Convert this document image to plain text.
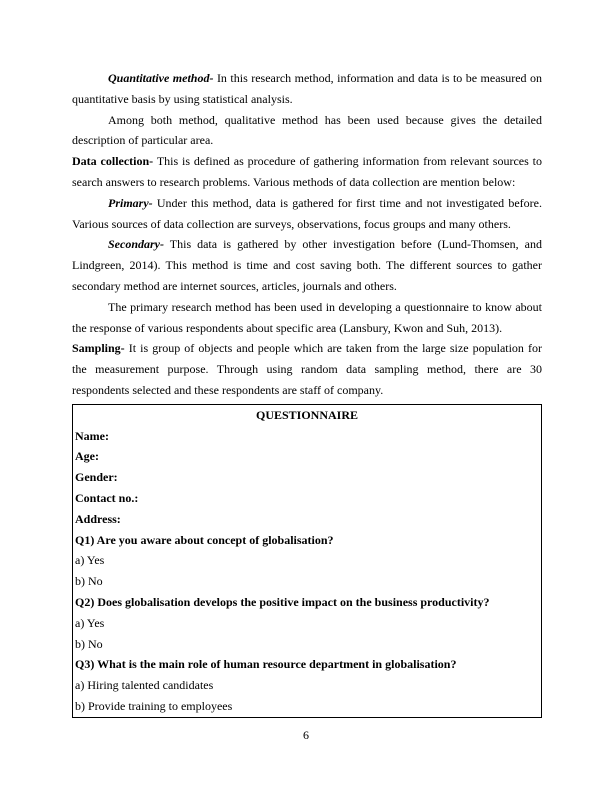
Quantitative method- In this research method, information and data is to be measured on quantitative basis by using statistical analysis.

Among both method, qualitative method has been used because gives the detailed description of particular area.

Data collection- This is defined as procedure of gathering information from relevant sources to search answers to research problems. Various methods of data collection are mention below:

Primary- Under this method, data is gathered for first time and not investigated before. Various sources of data collection are surveys, observations, focus groups and many others.

Secondary- This data is gathered by other investigation before (Lund-Thomsen, and Lindgreen, 2014). This method is time and cost saving both. The different sources to gather secondary method are internet sources, articles, journals and others.

The primary research method has been used in developing a questionnaire to know about the response of various respondents about specific area (Lansbury, Kwon and Suh, 2013).

Sampling- It is group of objects and people which are taken from the large size population for the measurement purpose. Through using random data sampling method, there are 30 respondents selected and these respondents are staff of company.

QUESTIONNAIRE
Name:
Age:
Gender:
Contact no.:
Address:
Q1) Are you aware about concept of globalisation?
a) Yes
b) No
Q2) Does globalisation develops the positive impact on the business productivity?
a) Yes
b) No
Q3) What is the main role of human resource department in globalisation?
a) Hiring talented candidates
b) Provide training to employees
6
